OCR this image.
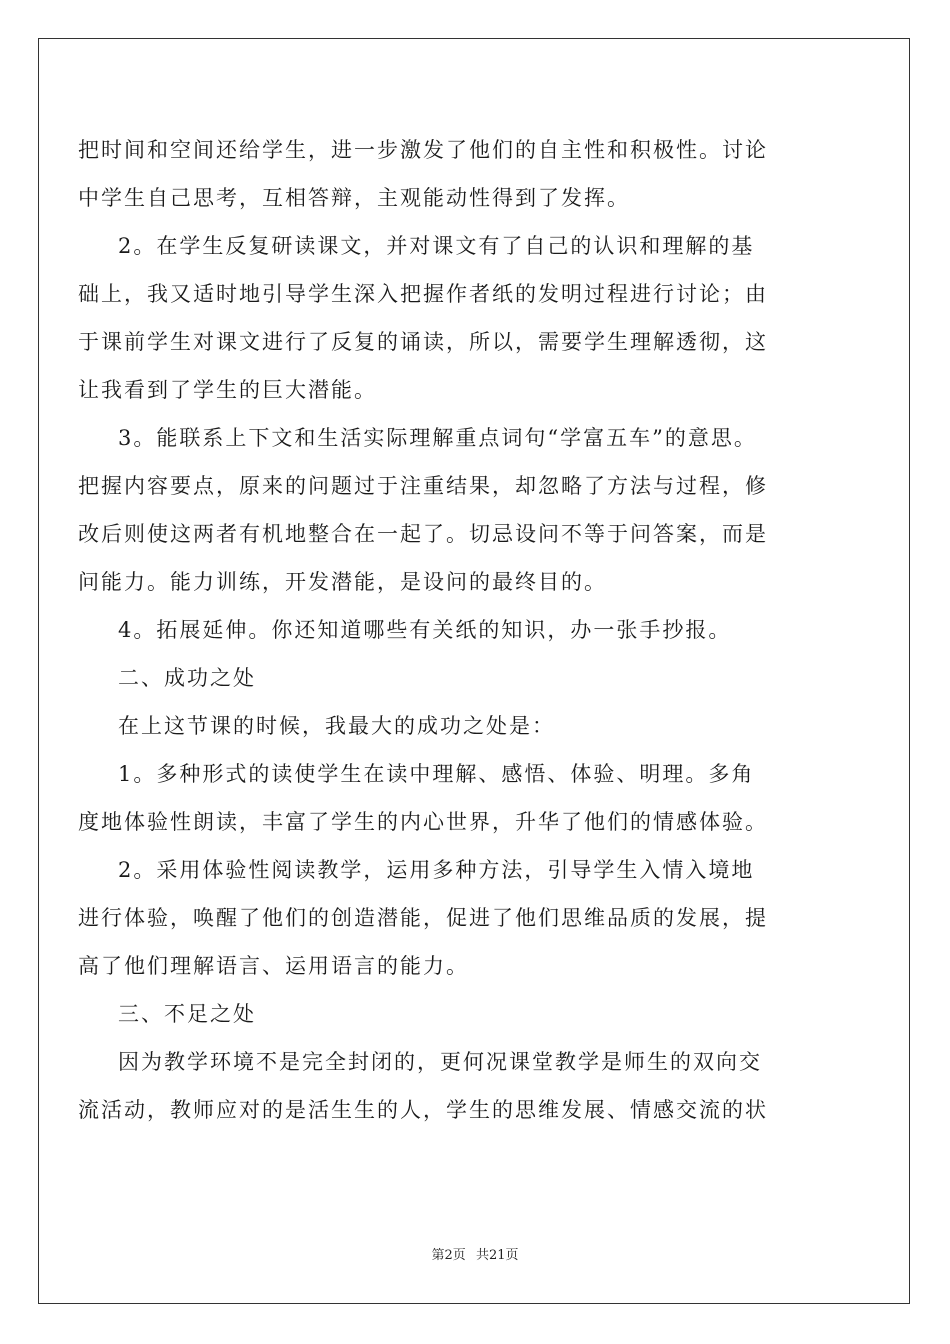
把时间和空间还给学生，进一步激发了他们的自主性和积极性。讨论
中学生自己思考，互相答辩，主观能动性得到了发挥。
2。在学生反复研读课文，并对课文有了自己的认识和理解的基
础上，我又适时地引导学生深入把握作者纸的发明过程进行讨论；由
于课前学生对课文进行了反复的诵读，所以，需要学生理解透彻，这
让我看到了学生的巨大潜能。
3。能联系上下文和生活实际理解重点词句“学富五车”的意思。
把握内容要点，原来的问题过于注重结果，却忽略了方法与过程，修
改后则使这两者有机地整合在一起了。切忌设问不等于问答案，而是
问能力。能力训练，开发潜能，是设问的最终目的。
4。拓展延伸。你还知道哪些有关纸的知识，办一张手抄报。
二、成功之处
在上这节课的时候，我最大的成功之处是：
1。多种形式的读使学生在读中理解、感悟、体验、明理。多角
度地体验性朗读，丰富了学生的内心世界，升华了他们的情感体验。
2。采用体验性阅读教学，运用多种方法，引导学生入情入境地
进行体验，唤醒了他们的创造潜能，促进了他们思维品质的发展，提
高了他们理解语言、运用语言的能力。
三、不足之处
因为教学环境不是完全封闭的，更何况课堂教学是师生的双向交
流活动，教师应对的是活生生的人，学生的思维发展、情感交流的状
第2页 共21页
